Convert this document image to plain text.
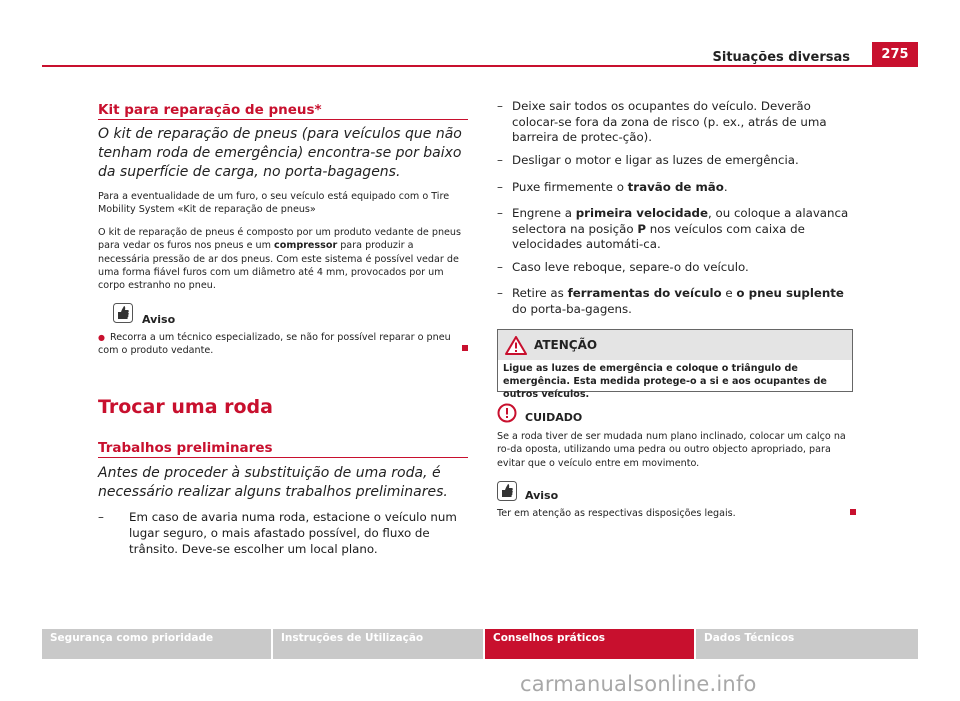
Situações diversas	275
Kit para reparação de pneus*

O kit de reparação de pneus (para veículos que não tenham roda de emergência) encontra-se por baixo da superfície de carga, no porta-bagagens.

Para a eventualidade de um furo, o seu veículo está equipado com o Tire Mobility System «Kit de reparação de pneus»

O kit de reparação de pneus é composto por um produto vedante de pneus para vedar os furos nos pneus e um compressor para produzir a necessária pressão de ar dos pneus. Com este sistema é possível vedar de uma forma fiável furos com um diâmetro até 4 mm, provocados por um corpo estranho no pneu.

Aviso

● Recorra a um técnico especializado, se não for possível reparar o pneu com o produto vedante.

Trocar uma roda
Trabalhos preliminares

Antes de proceder à substituição de uma roda, é necessário realizar alguns trabalhos preliminares.

– Em caso de avaria numa roda, estacione o veículo num lugar seguro, o mais afastado possível, do fluxo de trânsito. Deve-se escolher um local plano.

– Deixe sair todos os ocupantes do veículo. Deverão colocar-se fora da zona de risco (p. ex., atrás de uma barreira de protec-ção).

– Desligar o motor e ligar as luzes de emergência.

– Puxe firmemente o travão de mão.

– Engrene a primeira velocidade, ou coloque a alavanca selectora na posição P nos veículos com caixa de velocidades automáti-ca.

– Caso leve reboque, separe-o do veículo.

– Retire as ferramentas do veículo e o pneu suplente do porta-ba-gagens.

ATENÇÃO

Ligue as luzes de emergência e coloque o triângulo de emergência. Esta medida protege-o a si e aos ocupantes de outros veículos.

CUIDADO

Se a roda tiver de ser mudada num plano inclinado, colocar um calço na ro-da oposta, utilizando uma pedra ou outro objecto apropriado, para evitar que o veículo entre em movimento.

Aviso

Ter em atenção as respectivas disposições legais.

Segurança como prioridade	Instruções de Utilização	Conselhos práticos	Dados Técnicos
carmanualsonline.info
